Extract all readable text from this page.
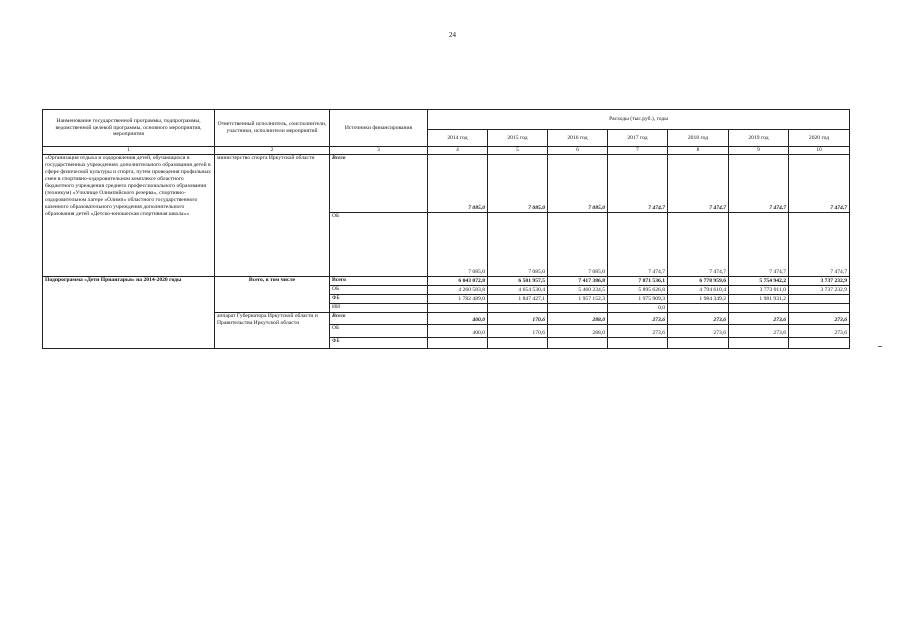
24
Наименование государственной программы, подпрограммы, ведомственной целевой программы, основного мероприятия, мероприятия	Ответственный исполнитель, соисполнители, участники, исполнители мероприятий	Источники финансирования	Расходы (тыс.руб.), годы						
			2014 год	2015 год	2016 год	2017 год	2018 год	2019 год	2020 год
1	2	3	4	5	6	7	8	9	10
«Организация отдыха и оздоровления детей, обучающихся в государственных учреждениях дополнительного образования детей в сфере физической культуры и спорта, путем проведения профильных смен в спортивно-оздоровительном комплексе областного бюджетного учреждения среднего профессионального образования (техникум) «Училище Олимпийского резерва», спортивно-оздоровительном лагере «Олимп» областного государственного казенного образовательного учреждения дополнительного образования детей «Детско-юношеская спортивная школа»»	министерство спорта Иркутской области	Всего	7 085,0	7 085,0	7 085,0	7 474,7	7 474,7	7 474,7	7 474,7
		ОБ	7 085,0	7 085,0	7 085,0	7 474,7	7 474,7	7 474,7	7 474,7
Подпрограмма «Дети Приангарья» на 2014-2020 годы	Всего, в том числе	Всего	6 043 072,8	6 501 957,5	7 417 386,8	7 871 536,1	6 778 959,6	5 754 942,2	3 737 232,9
		ОБ	4 260 583,8	4 654 530,4	5 460 234,5	5 895 626,8	4 794 610,4	3 773 011,0	3 737 232,9
		ФБ	1 782 489,0	1 847 427,1	1 957 152,3	1 975 909,3	1 984 349,2	1 981 931,2	
		ИИ				0,0			
	аппарат Губернатора Иркутской области и Правительства Иркутской области	Всего	400,0	170,6	288,0	273,6	273,6	273,6	273,6
		ОБ	400,0	170,6	288,0	273,6	273,6	273,6	273,6
		ФБ							
